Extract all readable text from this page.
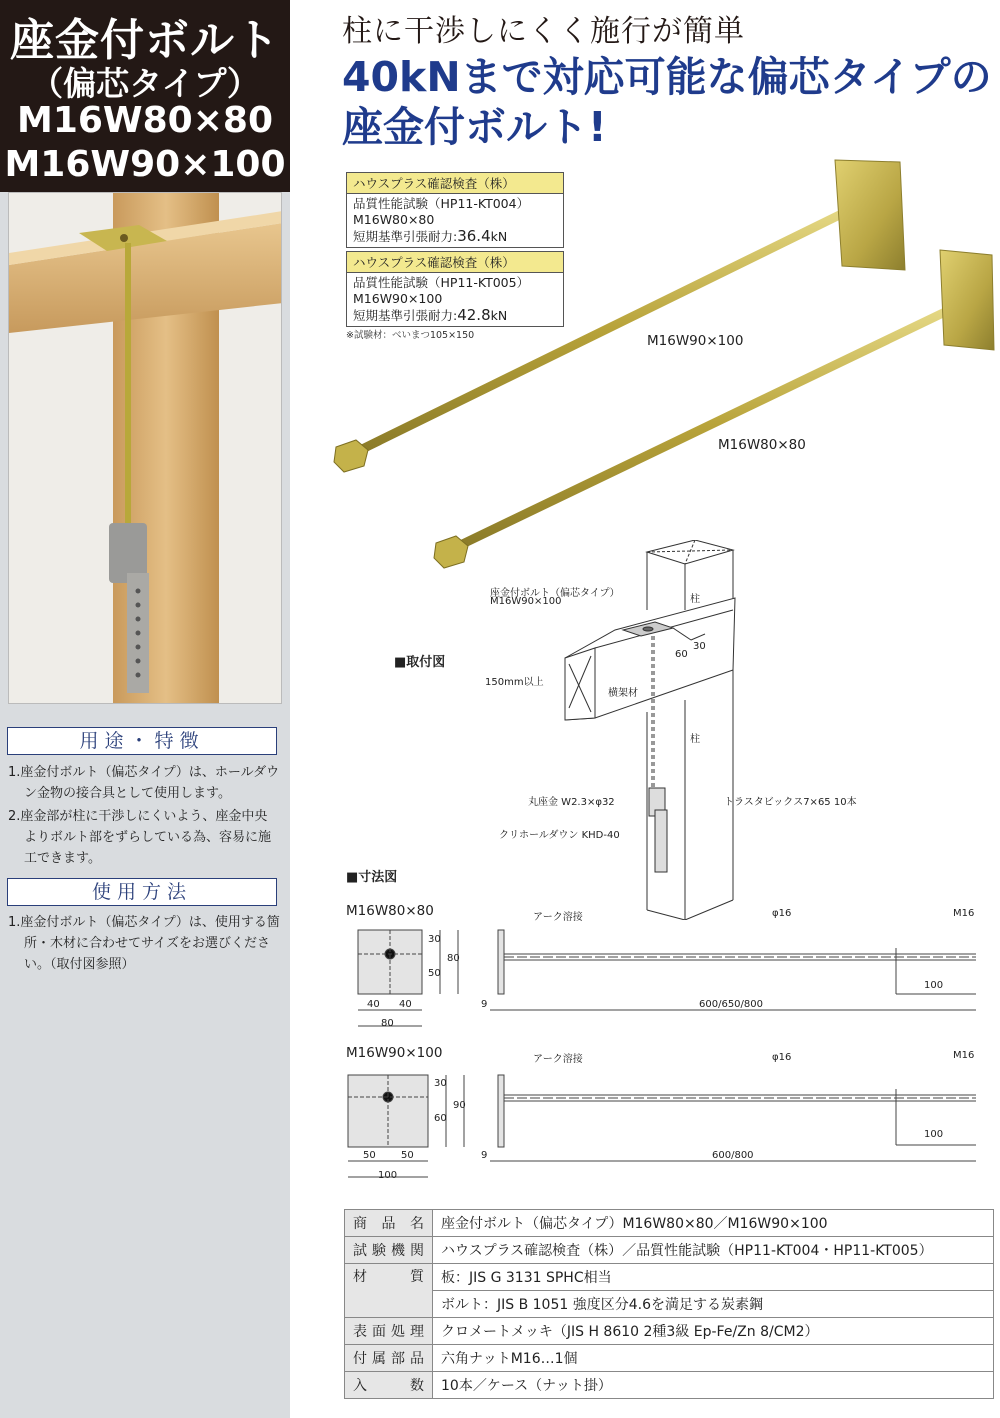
座金付ボルト
（偏芯タイプ）
M16W80×80
M16W90×100
用途・特徴
1.座金付ボルト（偏芯タイプ）は、ホールダウン金物の接合具として使用します。
2.座金部が柱に干渉しにくいよう、座金中央よりボルト部をずらしている為、容易に施工できます。
使用方法
1.座金付ボルト（偏芯タイプ）は、使用する箇所・木材に合わせてサイズをお選びください。（取付図参照）
柱に干渉しにくく施行が簡単
40kNまで対応可能な偏芯タイプの
座金付ボルト!
ハウスプラス確認検査（株）
品質性能試験（HP11-KT004）
M16W80×80
短期基準引張耐力:36.4kN
ハウスプラス確認検査（株）
品質性能試験（HP11-KT005）
M16W90×100
短期基準引張耐力:42.8kN
※試験材：べいまつ105×150	M16W90×100
M16W80×80
■取付図
座金付ボルト（偏芯タイプ）
M16W90×100	柱
30
60
150mm以上
横架材
柱
丸座金 W2.3×φ32	トラスタビックス7×65 10本
クリホールダウン KHD-40
■寸法図
M16W80×80
30
50
80
40 40
80
アーク溶接	φ16	M16
9	600/650/800
100
M16W90×100
30
60
90
50	50
100
アーク溶接	φ16	M16
9	600/800
100
商品名	座金付ボルト（偏芯タイプ）M16W80×80／M16W90×100
試験機関	ハウスプラス確認検査（株）／品質性能試験（HP11-KT004・HP11-KT005）
材質	板：JIS G 3131 SPHC相当
	ボルト：JIS B 1051 強度区分4.6を満足する炭素鋼
表面処理	クロメートメッキ（JIS H 8610 2種3級 Ep-Fe/Zn 8/CM2）
付属部品	六角ナットM16…1個
入数	10本／ケース（ナット掛）
